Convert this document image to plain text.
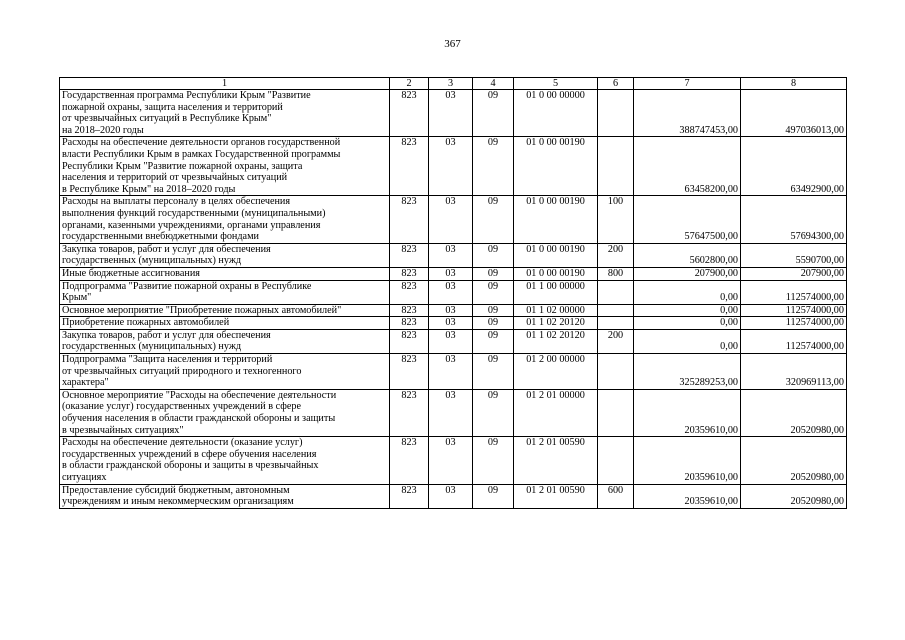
367
1	2	3	4	5	6	7	8

Государственная программа Республики Крым "Развитие
пожарной охраны, защита населения и территорий
от чрезвычайных ситуаций в Республике Крым"
на 2018–2020 годы	823	03	09	01 0 00 00000		388747453,00	497036013,00

Расходы на обеспечение деятельности органов государственной
власти Республики Крым в рамках Государственной программы
Республики Крым "Развитие пожарной охраны, защита
населения и территорий от чрезвычайных ситуаций
в Республике Крым" на 2018–2020 годы	823	03	09	01 0 00 00190		63458200,00	63492900,00

Расходы на выплаты персоналу в целях обеспечения
выполнения функций государственными (муниципальными)
органами, казенными учреждениями, органами управления
государственными внебюджетными фондами	823	03	09	01 0 00 00190	100	57647500,00	57694300,00

Закупка товаров, работ и услуг для обеспечения
государственных (муниципальных) нужд	823	03	09	01 0 00 00190	200	5602800,00	5590700,00

Иные бюджетные ассигнования	823	03	09	01 0 00 00190	800	207900,00	207900,00

Подпрограмма "Развитие пожарной охраны в Республике
Крым"	823	03	09	01 1 00 00000		0,00	112574000,00

Основное мероприятие "Приобретение пожарных автомобилей"	823	03	09	01 1 02 00000		0,00	112574000,00

Приобретение пожарных автомобилей	823	03	09	01 1 02 20120		0,00	112574000,00

Закупка товаров, работ и услуг для обеспечения
государственных (муниципальных) нужд	823	03	09	01 1 02 20120	200	0,00	112574000,00

Подпрограмма "Защита населения и территорий
от чрезвычайных ситуаций природного и техногенного
характера"	823	03	09	01 2 00 00000		325289253,00	320969113,00

Основное мероприятие "Расходы на обеспечение деятельности
(оказание услуг) государственных учреждений в сфере
обучения населения в области гражданской обороны и защиты
в чрезвычайных ситуациях"	823	03	09	01 2 01 00000		20359610,00	20520980,00

Расходы на обеспечение деятельности (оказание услуг)
государственных учреждений в сфере обучения населения
в области гражданской обороны и защиты в чрезвычайных
ситуациях	823	03	09	01 2 01 00590		20359610,00	20520980,00

Предоставление субсидий бюджетным, автономным
учреждениям и иным некоммерческим организациям	823	03	09	01 2 01 00590	600	20359610,00	20520980,00
